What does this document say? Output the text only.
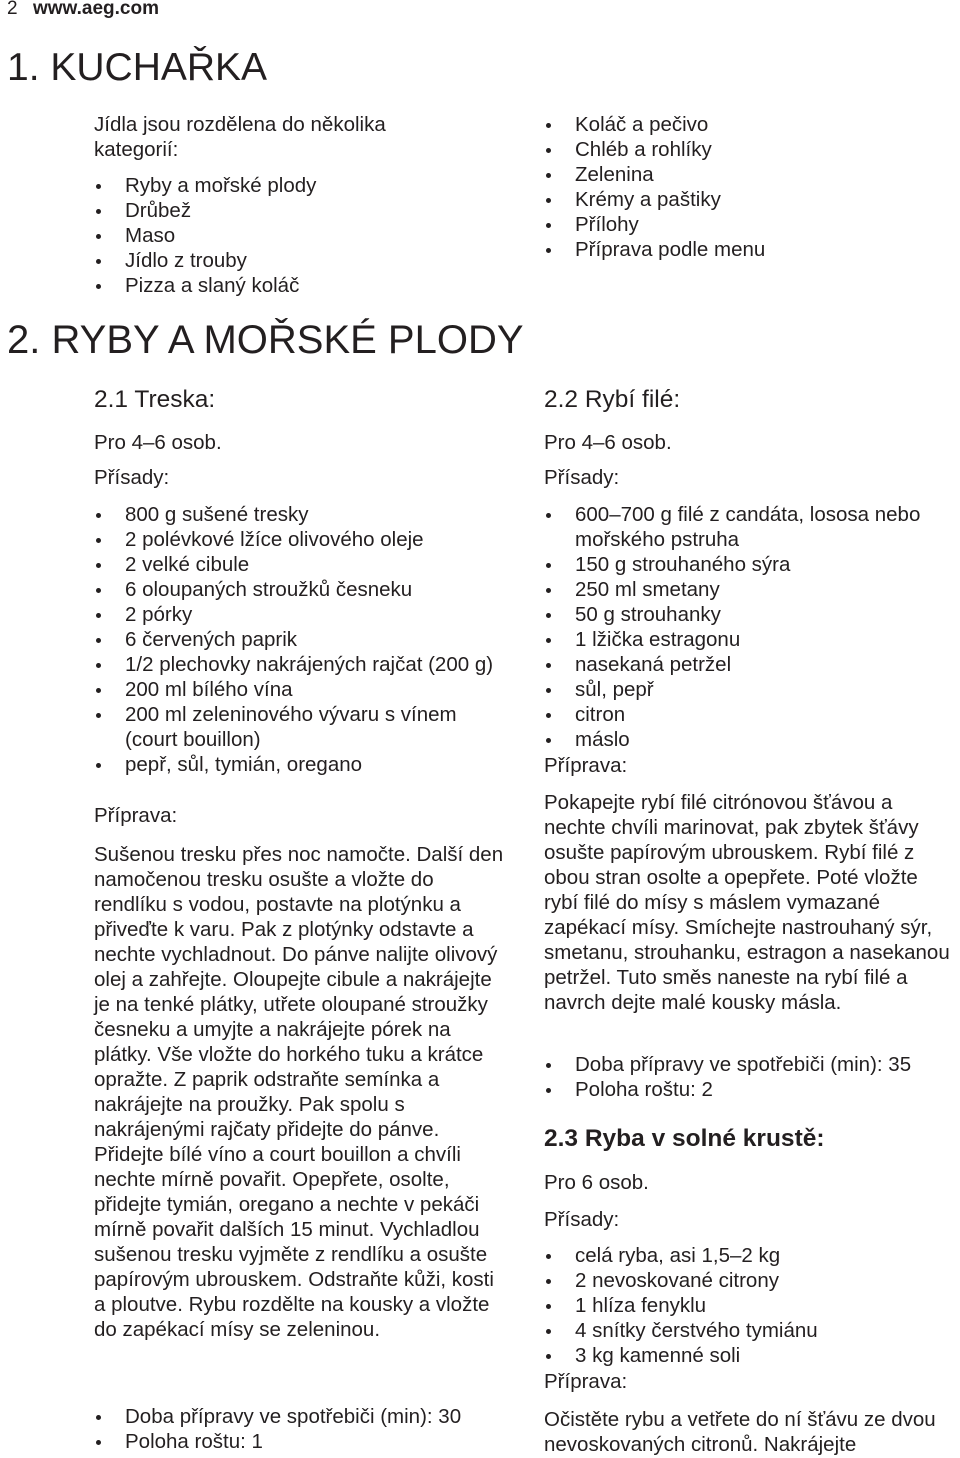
2 www.aeg.com
1. KUCHAŘKA
Jídla jsou rozdělena do několika kategorií:
Ryby a mořské plody
Drůbež
Maso
Jídlo z trouby
Pizza a slaný koláč
Koláč a pečivo
Chléb a rohlíky
Zelenina
Krémy a paštiky
Přílohy
Příprava podle menu
2. RYBY A MOŘSKÉ PLODY
2.1 Treska:
Pro 4–6 osob.
Přísady:
800 g sušené tresky
2 polévkové lžíce olivového oleje
2 velké cibule
6 oloupaných stroužků česneku
2 pórky
6 červených paprik
1/2 plechovky nakrájených rajčat (200 g)
200 ml bílého vína
200 ml zeleninového vývaru s vínem (court bouillon)
pepř, sůl, tymián, oregano
Příprava:

Sušenou tresku přes noc namočte. Další den namočenou tresku osušte a vložte do rendlíku s vodou, postavte na plotýnku a přiveďte k varu. Pak z plotýnky odstavte a nechte vychladnout. Do pánve nalijte olivový olej a zahřejte. Oloupejte cibule a nakrájejte je na tenké plátky, utřete oloupané stroužky česneku a umyjte a nakrájejte pórek na plátky. Vše vložte do horkého tuku a krátce opražte. Z paprik odstraňte semínka a nakrájejte na proužky. Pak spolu s nakrájenými rajčaty přidejte do pánve. Přidejte bílé víno a court bouillon a chvíli nechte mírně povařit. Opepřete, osolte, přidejte tymián, oregano a nechte v pekáči mírně povařit dalších 15 minut. Vychladlou sušenou tresku vyjměte z rendlíku a osušte papírovým ubrouskem. Odstraňte kůži, kosti a ploutve. Rybu rozdělte na kousky a vložte do zapékací mísy se zeleninou.

Doba přípravy ve spotřebiči (min): 30
Poloha roštu: 1
2.2 Rybí filé:
Pro 4–6 osob.
Přísady:
600–700 g filé z candáta, lososa nebo mořského pstruha
150 g strouhaného sýra
250 ml smetany
50 g strouhanky
1 lžička estragonu
nasekaná petržel
sůl, pepř
citron
máslo
Příprava:

Pokapejte rybí filé citrónovou šťávou a nechte chvíli marinovat, pak zbytek šťávy osušte papírovým ubrouskem. Rybí filé z obou stran osolte a opepřete. Poté vložte rybí filé do mísy s máslem vymazané zapékací mísy. Smíchejte nastrouhaný sýr, smetanu, strouhanku, estragon a nasekanou petržel. Tuto směs naneste na rybí filé a navrch dejte malé kousky másla.

Doba přípravy ve spotřebiči (min): 35
Poloha roštu: 2
2.3 Ryba v solné krustě:
Pro 6 osob.
Přísady:
celá ryba, asi 1,5–2 kg
2 nevoskované citrony
1 hlíza fenyklu
4 snítky čerstvého tymiánu
3 kg kamenné soli
Příprava:

Očistěte rybu a vetřete do ní šťávu ze dvou nevoskovaných citronů. Nakrájejte
